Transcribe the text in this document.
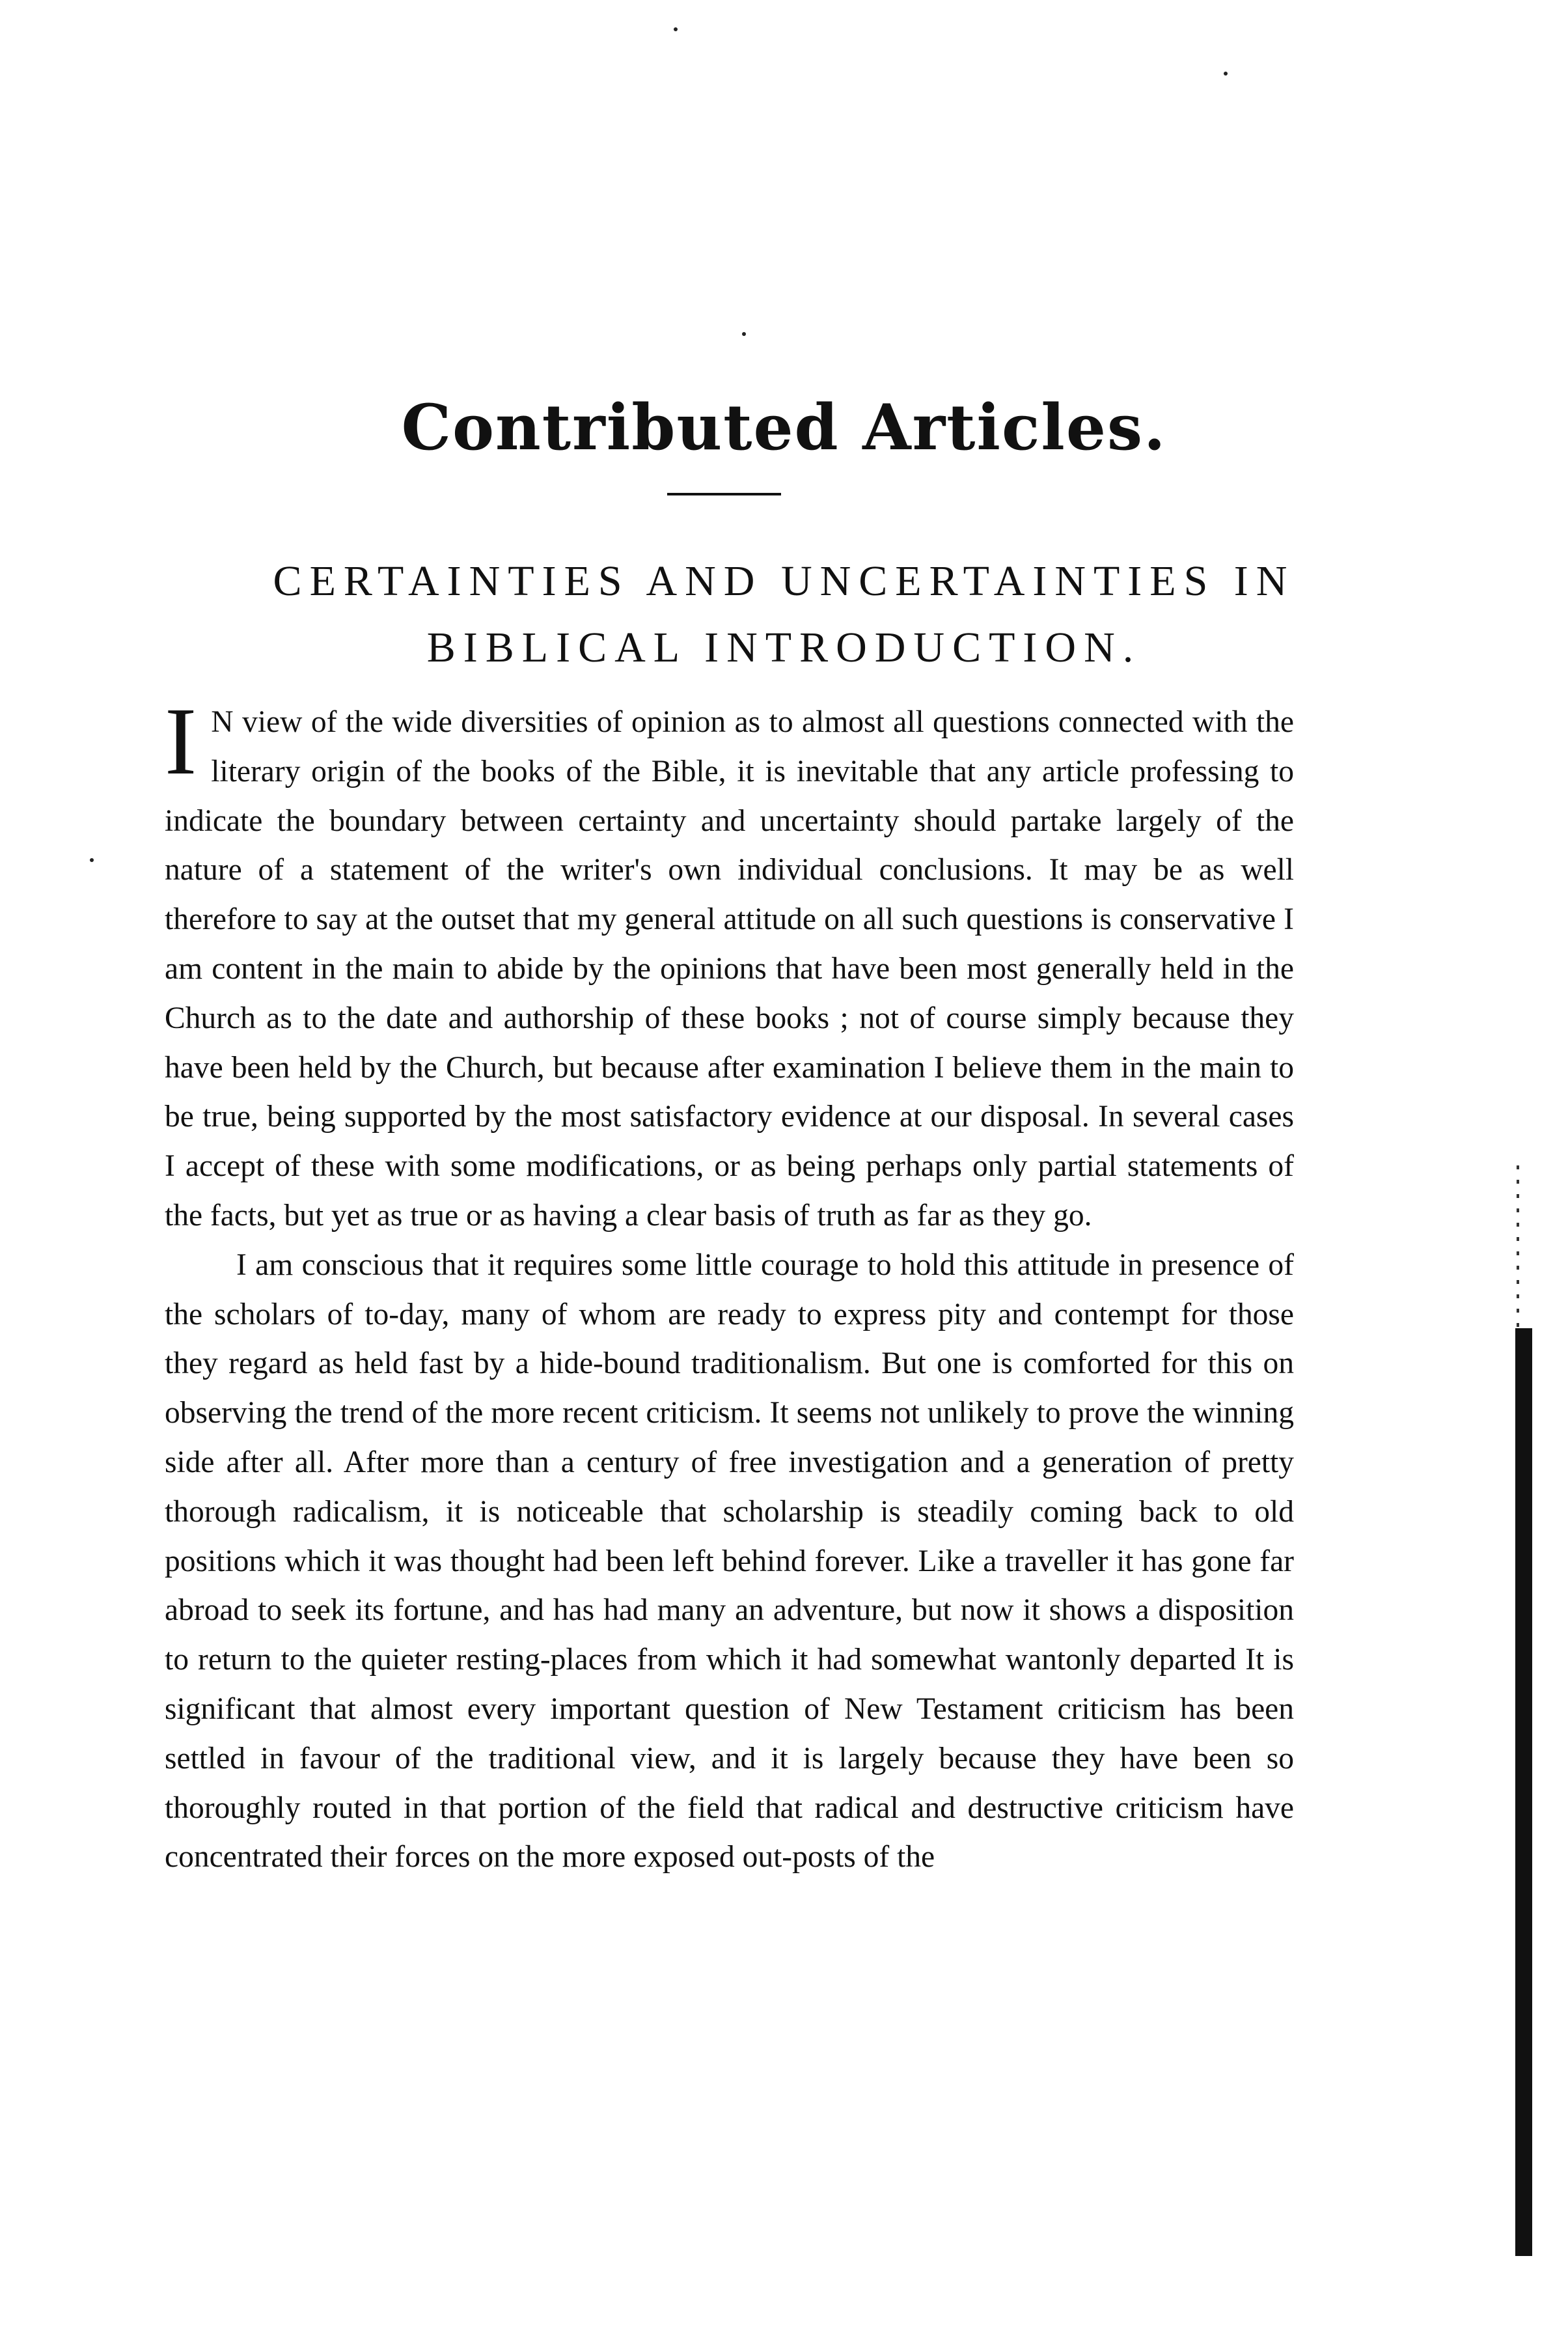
Contributed Articles.
CERTAINTIES AND UNCERTAINTIES IN
BIBLICAL INTRODUCTION.

I N view of the wide diversities of opinion as to almost all questions connected with the literary origin of the books of the Bible, it is inevitable that any article professing to indicate the boundary between certainty and uncertainty should partake largely of the nature of a statement of the writer's own individual conclusions. It may be as well therefore to say at the outset that my general attitude on all such questions is conservative I am content in the main to abide by the opinions that have been most generally held in the Church as to the date and authorship of these books ; not of course simply because they have been held by the Church, but because after examination I believe them in the main to be true, being supported by the most satisfactory evidence at our disposal. In several cases I accept of these with some modifications, or as being perhaps only partial statements of the facts, but yet as true or as having a clear basis of truth as far as they go.

I am conscious that it requires some little courage to hold this attitude in presence of the scholars of to-day, many of whom are ready to express pity and contempt for those they regard as held fast by a hide-bound traditionalism. But one is comforted for this on observing the trend of the more recent criticism. It seems not unlikely to prove the winning side after all. After more than a century of free investigation and a generation of pretty thorough radicalism, it is noticeable that scholarship is steadily coming back to old positions which it was thought had been left behind forever. Like a traveller it has gone far abroad to seek its fortune, and has had many an adventure, but now it shows a disposition to return to the quieter resting-places from which it had somewhat wantonly departed It is significant that almost every important question of New Testament criticism has been settled in favour of the traditional view, and it is largely because they have been so thoroughly routed in that portion of the field that radical and destructive criticism have concentrated their forces on the more exposed out-posts of the
